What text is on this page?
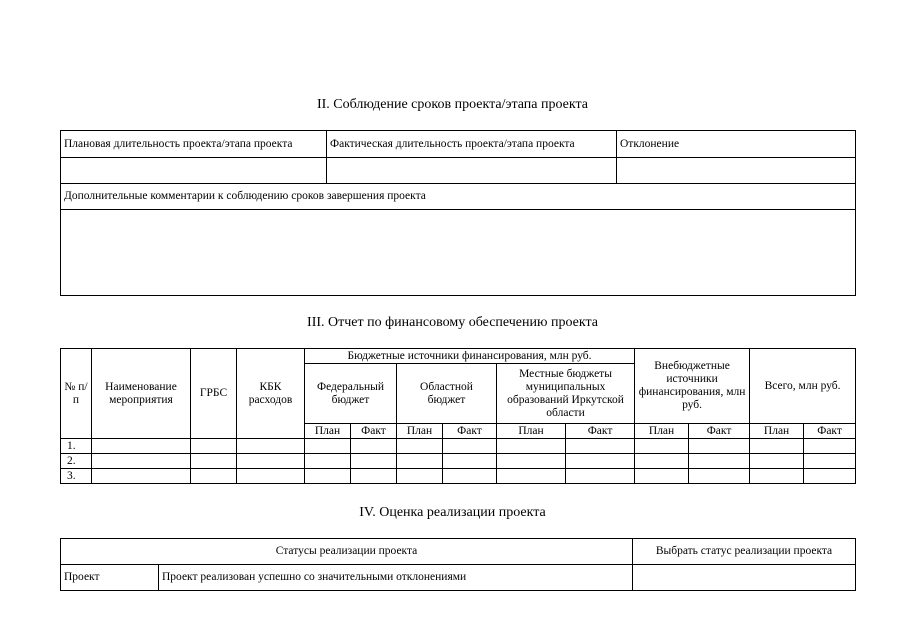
II. Соблюдение сроков проекта/этапа проекта
Плановая длительность проекта/этапа проекта	Фактическая длительность проекта/этапа проекта	Отклонение

Дополнительные комментарии к соблюдению сроков завершения проекта		

III. Отчет по финансовому обеспечению проекта
№ п/п	Наименование мероприятия	ГРБС	КБК расходов	Бюджетные источники финансирования, млн руб.						Внебюджетные источники финансирования, млн руб.		Всего, млн руб.	
				Федеральный бюджет		Областной бюджет		Местные бюджеты муниципальных образований Иркутской области					
				План	Факт	План	Факт	План	Факт	План	Факт	План	Факт
1.													
2.													
3.													
IV. Оценка реализации проекта
Статусы реализации проекта		Выбрать статус реализации проекта
Проект	Проект реализован успешно со значительными отклонениями	
